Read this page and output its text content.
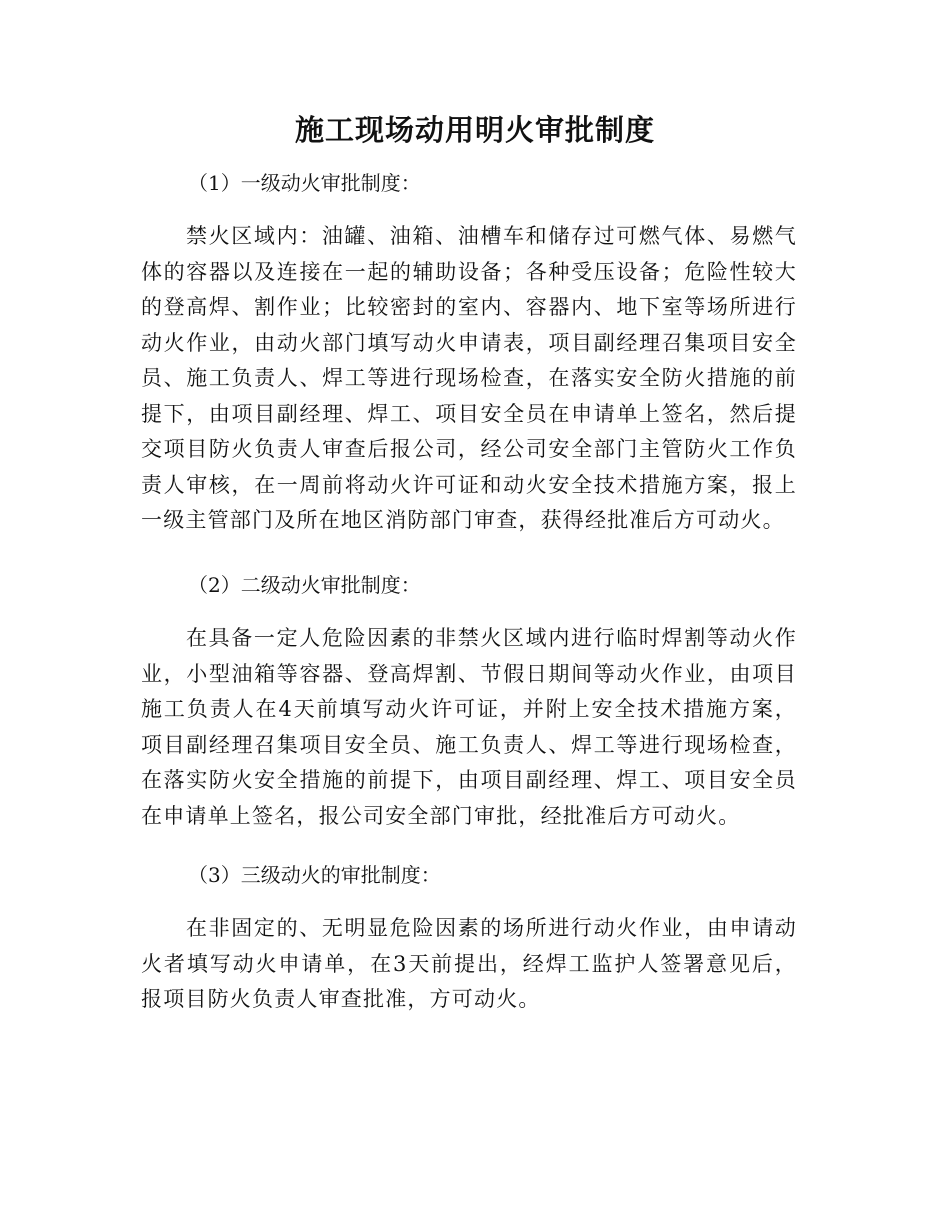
施工现场动用明火审批制度

（1）一级动火审批制度：

禁火区域内：油罐、油箱、油槽车和储存过可燃气体、易燃气体的容器以及连接在一起的辅助设备；各种受压设备；危险性较大的登高焊、割作业；比较密封的室内、容器内、地下室等场所进行动火作业，由动火部门填写动火申请表，项目副经理召集项目安全员、施工负责人、焊工等进行现场检查，在落实安全防火措施的前提下，由项目副经理、焊工、项目安全员在申请单上签名，然后提交项目防火负责人审查后报公司，经公司安全部门主管防火工作负责人审核，在一周前将动火许可证和动火安全技术措施方案，报上一级主管部门及所在地区消防部门审查，获得经批准后方可动火。

（2）二级动火审批制度：

在具备一定人危险因素的非禁火区域内进行临时焊割等动火作业，小型油箱等容器、登高焊割、节假日期间等动火作业，由项目施工负责人在4天前填写动火许可证，并附上安全技术措施方案，项目副经理召集项目安全员、施工负责人、焊工等进行现场检查，在落实防火安全措施的前提下，由项目副经理、焊工、项目安全员在申请单上签名，报公司安全部门审批，经批准后方可动火。

（3）三级动火的审批制度：

在非固定的、无明显危险因素的场所进行动火作业，由申请动火者填写动火申请单，在3天前提出，经焊工监护人签署意见后，报项目防火负责人审查批准，方可动火。
